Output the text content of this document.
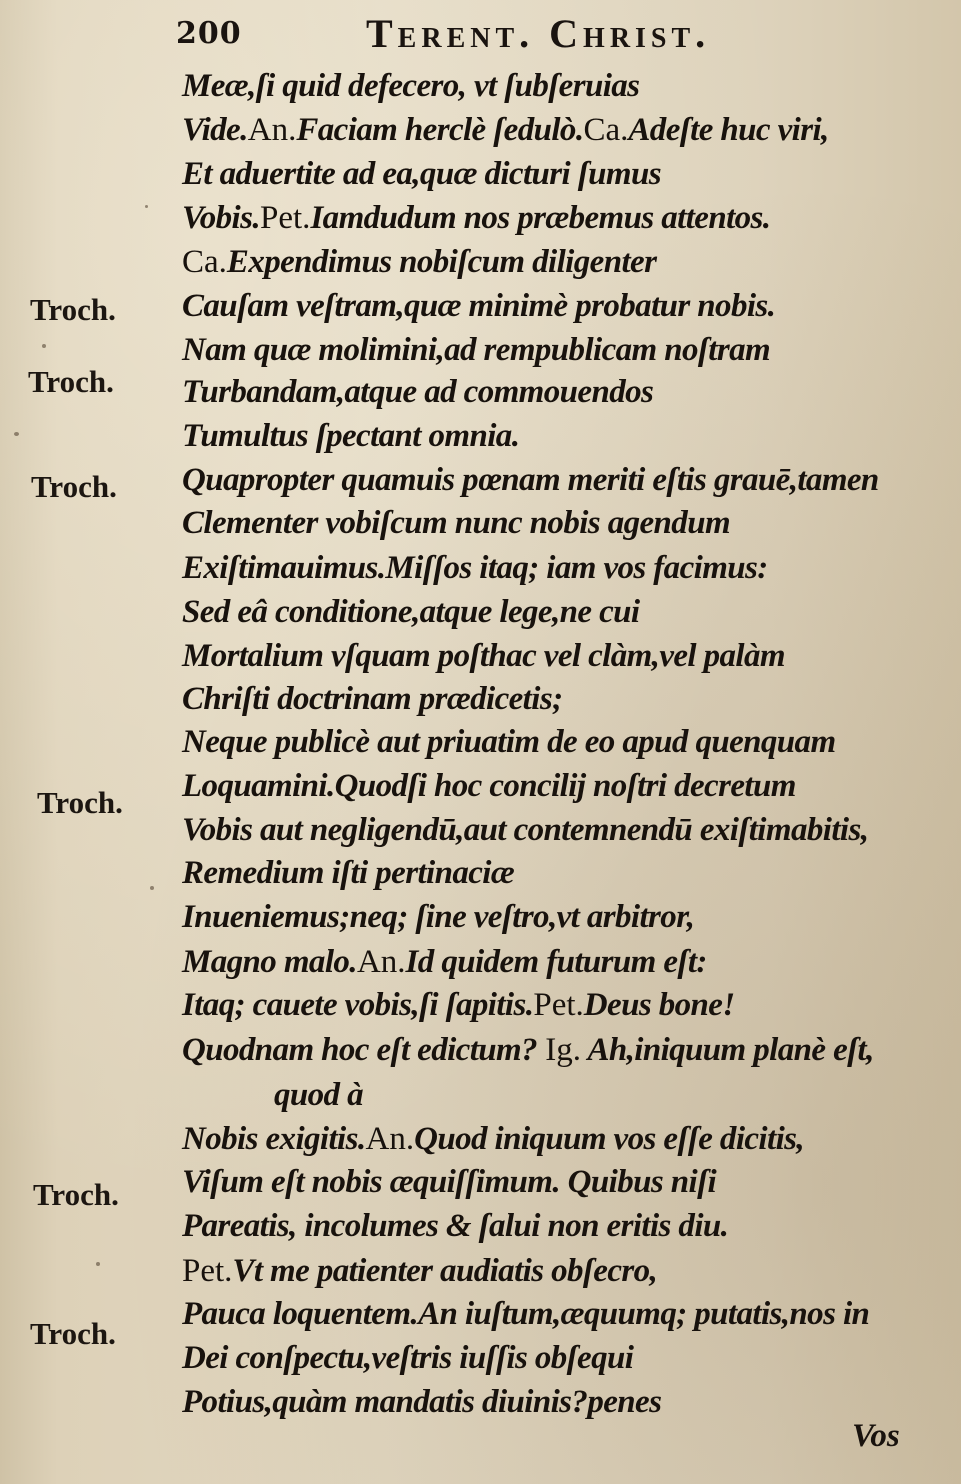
200	Terent. Christ.
Meæ,ſi quid defecero, vt ſubſeruias
Vide.An.Faciam herclè ſedulò.Ca.Adeſte huc viri,
Et aduertite ad ea,quæ dicturi ſumus
Vobis.Pet.Iamdudum nos præbemus attentos.
Ca.Expendimus nobiſcum diligenter
Cauſam veſtram,quæ minimè probatur nobis.
Nam quæ molimini,ad rempublicam noſtram
Turbandam,atque ad commouendos
Tumultus ſpectant omnia.
Quapropter quamuis pœnam meriti eſtis grauē,tamen
Clementer vobiſcum nunc nobis agendum
Exiſtimauimus.Miſſos itaq; iam vos facimus:
Sed eâ conditione,atque lege,ne cui
Mortalium vſquam poſthac vel clàm,vel palàm
Chriſti doctrinam prædicetis;
Neque publicè aut priuatim de eo apud quenquam
Loquamini.Quodſi hoc concilij noſtri decretum
Vobis aut negligendū,aut contemnendū exiſtimabitis,
Remedium iſti pertinaciæ
Inueniemus;neq; ſine veſtro,vt arbitror,
Magno malo.An.Id quidem futurum eſt:
Itaq; cauete vobis,ſi ſapitis.Pet.Deus bone!
Quodnam hoc eſt edictum? Ig. Ah,iniquum planè eſt,
quod à
Nobis exigitis.An.Quod iniquum vos eſſe dicitis,
Viſum eſt nobis æquiſſimum. Quibus niſi
Pareatis, incolumes & ſalui non eritis diu.
Pet.Vt me patienter audiatis obſecro,
Pauca loquentem.An iuſtum,æquumq; putatis,nos in
Dei conſpectu,veſtris iuſſis obſequi
Potius,quàm mandatis diuinis?penes
Troch.
Troch.
Troch.
Troch.
Troch.
Troch.
Vos
